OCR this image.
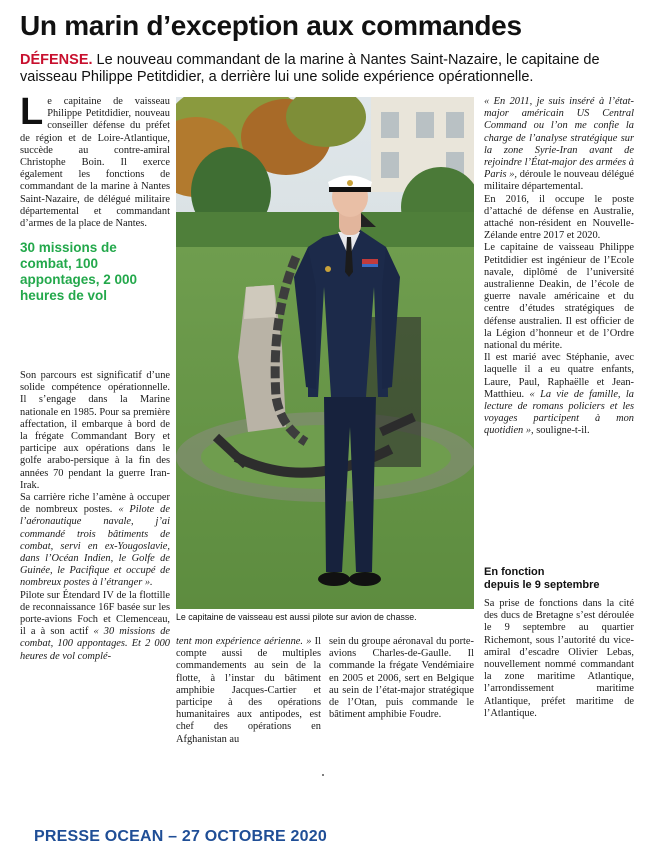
Un marin d’exception aux commandes
DÉFENSE. Le nouveau commandant de la marine à Nantes Saint-Nazaire, le capitaine de vaisseau Philippe Petitdidier, a derrière lui une solide expérience opérationnelle.

Le capitaine de vaisseau Philippe Petitdidier, nouveau conseiller défense du préfet de région et de Loire-Atlantique, succède au contre-amiral Christophe Boin. Il exerce également les fonctions de commandant de la marine à Nantes Saint-Nazaire, de délégué militaire départemental et commandant d’armes de la place de Nantes.

30 missions de combat, 100 appontages, 2 000 heures de vol

Son parcours est significatif d’une solide compétence opérationnelle. Il s’engage dans la Marine nationale en 1985. Pour sa première affectation, il embarque à bord de la frégate Commandant Bory et participe aux opérations dans le golfe arabo-persique à la fin des années 70 pendant la guerre Iran-Irak.

Sa carrière riche l’amène à occuper de nombreux postes. « Pilote de l’aéronautique navale, j’ai commandé trois bâtiments de combat, servi en ex-Yougoslavie, dans l’Océan Indien, le Golfe de Guinée, le Pacifique et occupé de nombreux postes à l’étranger ».

Pilote sur Étendard IV de la flottille de reconnaissance 16F basée sur les porte-avions Foch et Clemenceau, il a à son actif « 30 missions de combat, 100 appontages. Et 2 000 heures de vol complé-

Le capitaine de vaisseau est aussi pilote sur avion de chasse.

tent mon expérience aérienne. » Il compte aussi de multiples commandements au sein de la flotte, à l’instar du bâtiment amphibie Jacques-Cartier et participe à des opérations humanitaires aux antipodes, est chef des opérations en Afghanistan au

sein du groupe aéronaval du porte-avions Charles-de-Gaulle. Il commande la frégate Vendémiaire en 2005 et 2006, sert en Belgique au sein de l’état-major stratégique de l’Otan, puis commande le bâtiment amphibie Foudre.

« En 2011, je suis inséré à l’état-major américain US Central Command ou l’on me confie la charge de l’analyse stratégique sur la zone Syrie-Iran avant de rejoindre l’État-major des armées à Paris », déroule le nouveau délégué militaire départemental.

En 2016, il occupe le poste d’attaché de défense en Australie, attaché non-résident en Nouvelle-Zélande entre 2017 et 2020.

Le capitaine de vaisseau Philippe Petitdidier est ingénieur de l’Ecole navale, diplômé de l’université australienne Deakin, de l’école de guerre navale américaine et du centre d’études stratégiques de défense australien. Il est officier de la Légion d’honneur et de l’Ordre national du mérite.

Il est marié avec Stéphanie, avec laquelle il a eu quatre enfants, Laure, Paul, Raphaëlle et Jean-Matthieu. « La vie de famille, la lecture de romans policiers et les voyages participent à mon quotidien », souligne-t-il.

En fonction
depuis le 9 septembre

Sa prise de fonctions dans la cité des ducs de Bretagne s’est déroulée le 9 septembre au quartier Richemont, sous l’autorité du vice-amiral d’escadre Olivier Lebas, nouvellement nommé commandant la zone maritime Atlantique, l’arrondissement maritime Atlantique, préfet maritime de l’Atlantique.

PRESSE OCEAN – 27 OCTOBRE 2020
